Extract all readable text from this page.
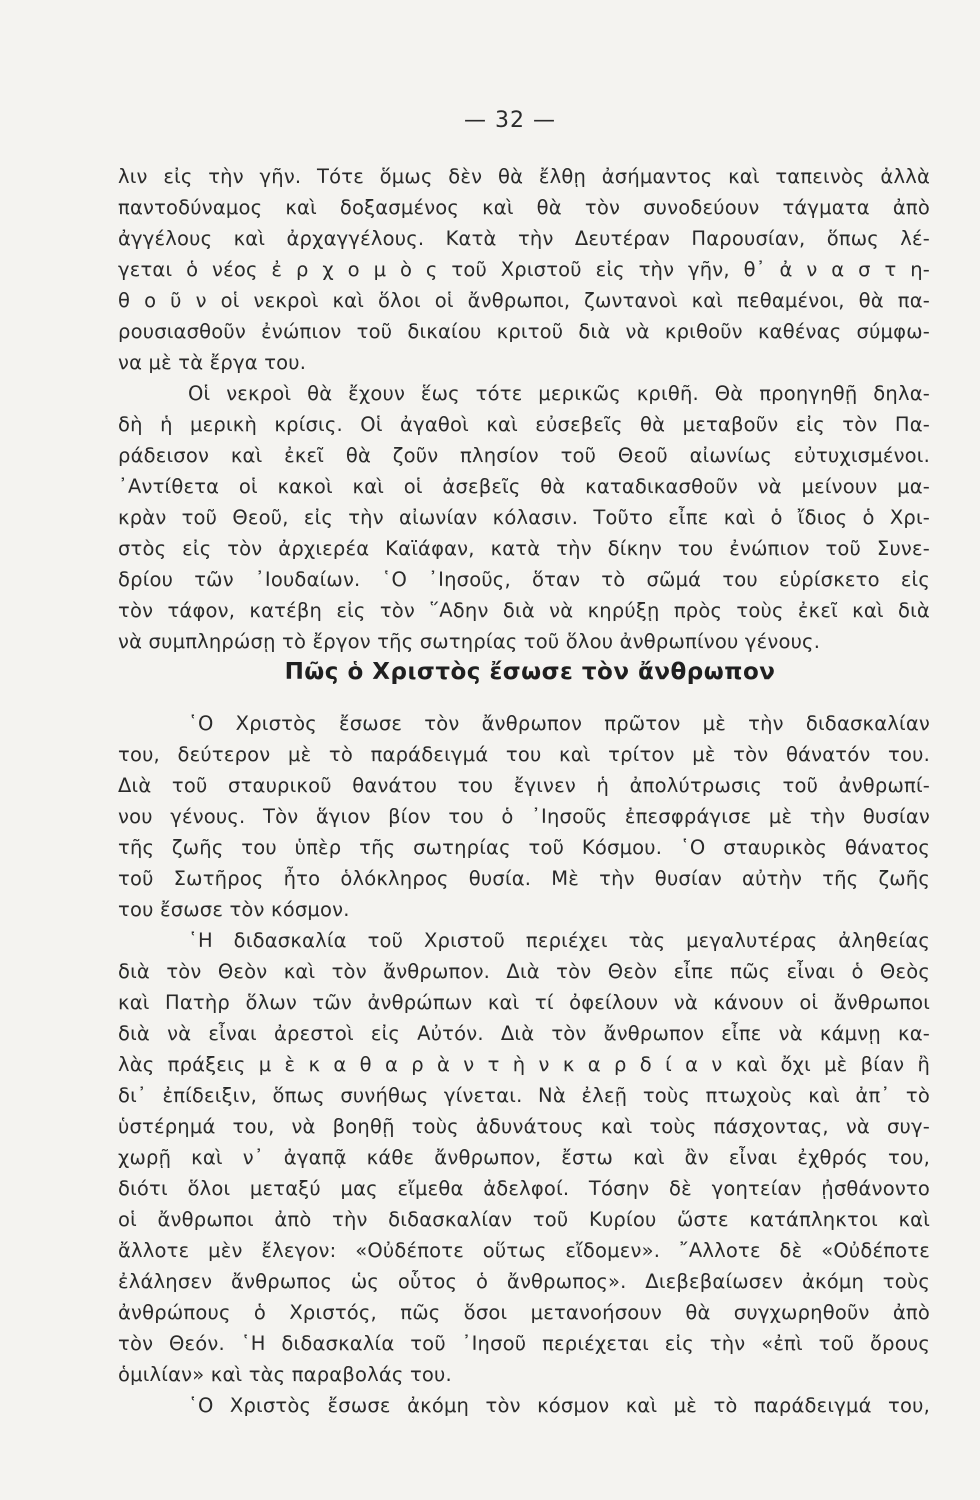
— 32 —
λιν εἰς τὴν γῆν. Τότε ὅμως δὲν θὰ ἔλθῃ ἀσήμαντος καὶ ταπεινὸς ἀλλὰ
παντοδύναμος καὶ δοξασμένος καὶ θὰ τὸν συνοδεύουν τάγματα ἀπὸ
ἀγγέλους καὶ ἀρχαγγέλους. Κατὰ τὴν Δευτέραν Παρουσίαν, ὅπως λέ-
γεται ὁ νέος ἐ ρ χ ο μ ὸ ς τοῦ Χριστοῦ εἰς τὴν γῆν, θ᾿ ἀ ν α σ τ η-
θ ο ῦ ν οἱ νεκροὶ καὶ ὅλοι οἱ ἄνθρωποι, ζωντανοὶ καὶ πεθαμένοι, θὰ πα-
ρουσιασθοῦν ἐνώπιον τοῦ δικαίου κριτοῦ διὰ νὰ κριθοῦν καθένας σύμφω-
να μὲ τὰ ἔργα του.
Οἱ νεκροὶ θὰ ἔχουν ἕως τότε μερικῶς κριθῆ. Θὰ προηγηθῇ δηλα-
δὴ ἡ μερικὴ κρίσις. Οἱ ἀγαθοὶ καὶ εὐσεβεῖς θὰ μεταβοῦν εἰς τὸν Πα-
ράδεισον καὶ ἐκεῖ θὰ ζοῦν πλησίον τοῦ Θεοῦ αἰωνίως εὐτυχισμένοι.
᾿Αντίθετα οἱ κακοὶ καὶ οἱ ἀσεβεῖς θὰ καταδικασθοῦν νὰ μείνουν μα-
κρὰν τοῦ Θεοῦ, εἰς τὴν αἰωνίαν κόλασιν. Τοῦτο εἶπε καὶ ὁ ἴδιος ὁ Χρι-
στὸς εἰς τὸν ἀρχιερέα Καϊάφαν, κατὰ τὴν δίκην του ἐνώπιον τοῦ Συνε-
δρίου τῶν ᾿Ιουδαίων. ῾Ο ᾿Ιησοῦς, ὅταν τὸ σῶμά του εὑρίσκετο εἰς
τὸν τάφον, κατέβη εἰς τὸν ῞Αδην διὰ νὰ κηρύξῃ πρὸς τοὺς ἐκεῖ καὶ διὰ
νὰ συμπληρώσῃ τὸ ἔργον τῆς σωτηρίας τοῦ ὅλου ἀνθρωπίνου γένους.
Πῶς ὁ Χριστὸς ἔσωσε τὸν ἄνθρωπον
῾Ο Χριστὸς ἔσωσε τὸν ἄνθρωπον πρῶτον μὲ τὴν διδασκαλίαν
του, δεύτερον μὲ τὸ παράδειγμά του καὶ τρίτον μὲ τὸν θάνατόν του.
Διὰ τοῦ σταυρικοῦ θανάτου του ἔγινεν ἡ ἀπολύτρωσις τοῦ ἀνθρωπί-
νου γένους. Τὸν ἅγιον βίον του ὁ ᾿Ιησοῦς ἐπεσφράγισε μὲ τὴν θυσίαν
τῆς ζωῆς του ὑπὲρ τῆς σωτηρίας τοῦ Κόσμου. ῾Ο σταυρικὸς θάνατος
τοῦ Σωτῆρος ἦτο ὁλόκληρος θυσία. Μὲ τὴν θυσίαν αὐτὴν τῆς ζωῆς
του ἔσωσε τὸν κόσμον.
῾Η διδασκαλία τοῦ Χριστοῦ περιέχει τὰς μεγαλυτέρας ἀληθείας
διὰ τὸν Θεὸν καὶ τὸν ἄνθρωπον. Διὰ τὸν Θεὸν εἶπε πῶς εἶναι ὁ Θεὸς
καὶ Πατὴρ ὅλων τῶν ἀνθρώπων καὶ τί ὀφείλουν νὰ κάνουν οἱ ἄνθρωποι
διὰ νὰ εἶναι ἀρεστοὶ εἰς Αὐτόν. Διὰ τὸν ἄνθρωπον εἶπε νὰ κάμνῃ κα-
λὰς πράξεις μ ὲ κ α θ α ρ ὰ ν τ ὴ ν κ α ρ δ ί α ν καὶ ὄχι μὲ βίαν ἢ
δι᾿ ἐπίδειξιν, ὅπως συνήθως γίνεται. Νὰ ἐλεῇ τοὺς πτωχοὺς καὶ ἀπ᾿ τὸ
ὑστέρημά του, νὰ βοηθῇ τοὺς ἀδυνάτους καὶ τοὺς πάσχοντας, νὰ συγ-
χωρῇ καὶ ν᾿ ἀγαπᾷ κάθε ἄνθρωπον, ἔστω καὶ ἂν εἶναι ἐχθρός του,
διότι ὅλοι μεταξύ μας εἴμεθα ἀδελφοί. Τόσην δὲ γοητείαν ᾐσθάνοντο
οἱ ἄνθρωποι ἀπὸ τὴν διδασκαλίαν τοῦ Κυρίου ὥστε κατάπληκτοι καὶ
ἄλλοτε μὲν ἔλεγον: «Οὐδέποτε οὕτως εἴδομεν». ῎Αλλοτε δὲ «Οὐδέποτε
ἐλάλησεν ἄνθρωπος ὡς οὗτος ὁ ἄνθρωπος». Διεβεβαίωσεν ἀκόμη τοὺς
ἀνθρώπους ὁ Χριστός, πῶς ὅσοι μετανοήσουν θὰ συγχωρηθοῦν ἀπὸ
τὸν Θεόν. ῾Η διδασκαλία τοῦ ᾿Ιησοῦ περιέχεται εἰς τὴν «ἐπὶ τοῦ ὄρους
ὁμιλίαν» καὶ τὰς παραβολάς του.
῾Ο Χριστὸς ἔσωσε ἀκόμη τὸν κόσμον καὶ μὲ τὸ παράδειγμά του,
